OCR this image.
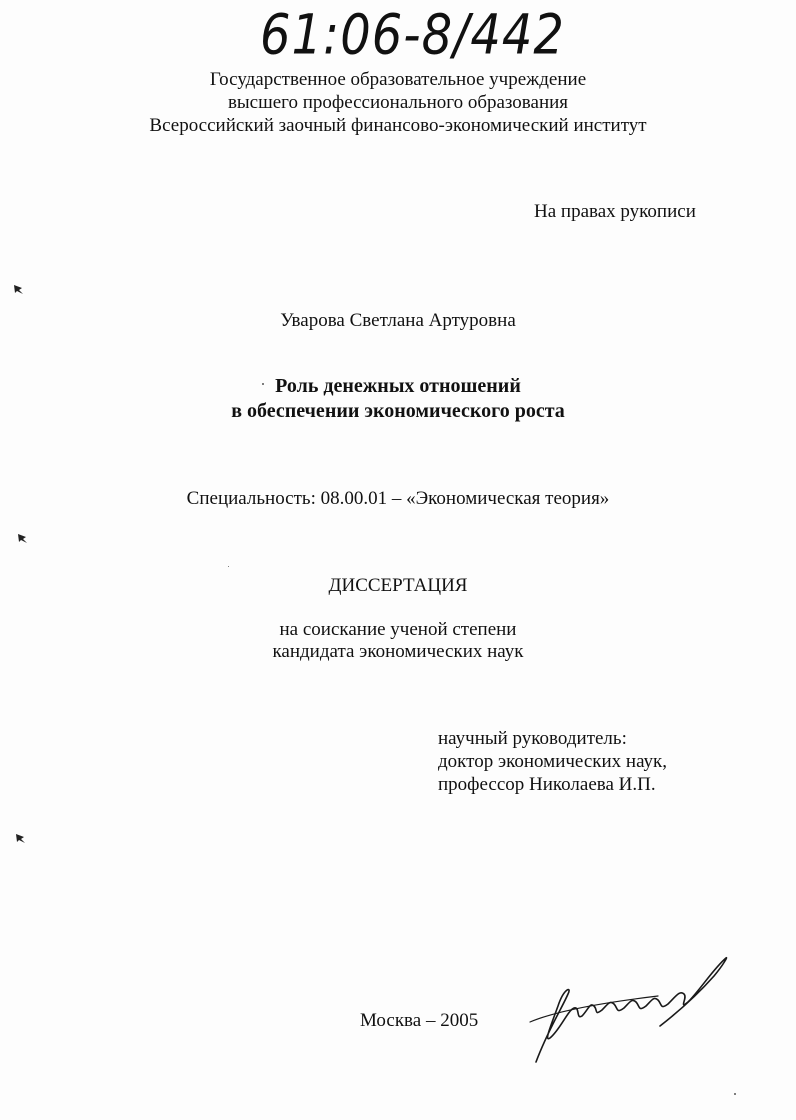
61:06-8/442
Государственное образовательное учреждение
высшего профессионального образования
Всероссийский заочный финансово-экономический институт
На правах рукописи
Уварова Светлана Артуровна
Роль денежных отношений
в обеспечении экономического роста
Специальность: 08.00.01 – «Экономическая теория»
ДИССЕРТАЦИЯ
на соискание ученой степени
кандидата экономических наук
научный руководитель:
доктор экономических наук,
профессор Николаева И.П.
Москва – 2005
